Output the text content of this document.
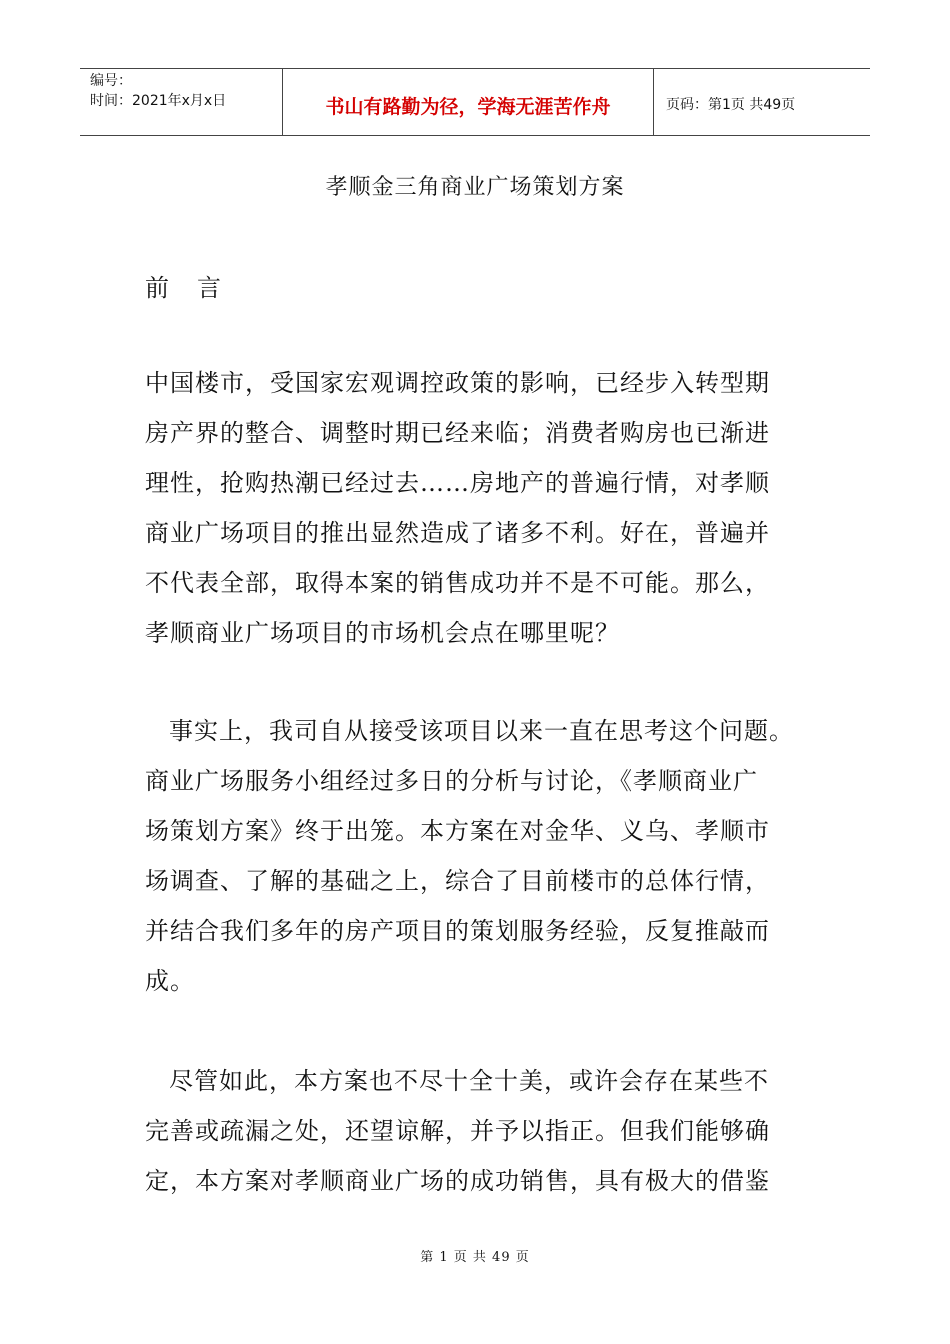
编号：
时间：2021年x月x日	书山有路勤为径，学海无涯苦作舟	页码：第1页 共49页
孝顺金三角商业广场策划方案
前言
中国楼市，受国家宏观调控政策的影响，已经步入转型期
房产界的整合、调整时期已经来临；消费者购房也已渐进
理性，抢购热潮已经过去……房地产的普遍行情，对孝顺
商业广场项目的推出显然造成了诸多不利。好在，普遍并
不代表全部，取得本案的销售成功并不是不可能。那么，
孝顺商业广场项目的市场机会点在哪里呢？
事实上，我司自从接受该项目以来一直在思考这个问题。
商业广场服务小组经过多日的分析与讨论，《孝顺商业广
场策划方案》终于出笼。本方案在对金华、义乌、孝顺市
场调查、了解的基础之上，综合了目前楼市的总体行情，
并结合我们多年的房产项目的策划服务经验，反复推敲而
成。
尽管如此，本方案也不尽十全十美，或许会存在某些不
完善或疏漏之处，还望谅解，并予以指正。但我们能够确
定，本方案对孝顺商业广场的成功销售，具有极大的借鉴
第 1 页 共 49 页
